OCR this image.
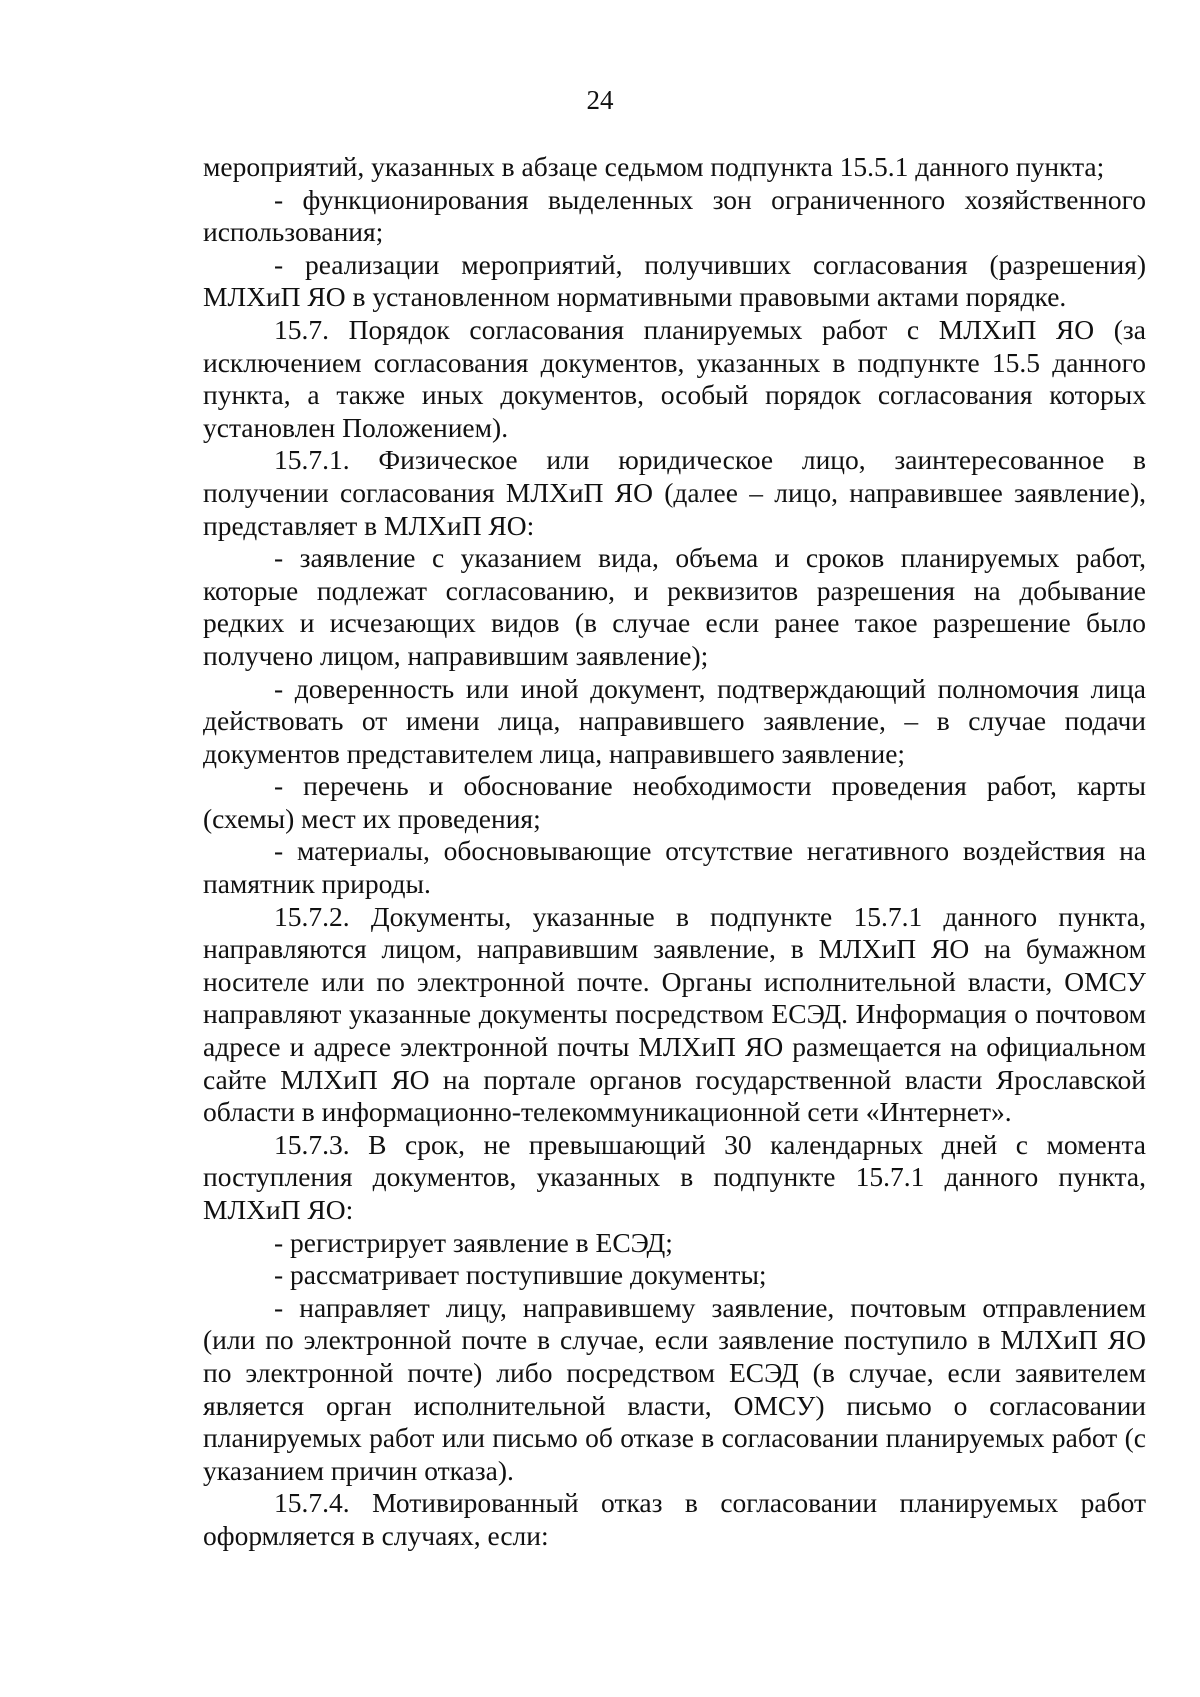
24

мероприятий, указанных в абзаце седьмом подпункта 15.5.1 данного пункта;

- функционирования выделенных зон ограниченного хозяйственного использования;

- реализации мероприятий, получивших согласования (разрешения) МЛХиП ЯО в установленном нормативными правовыми актами порядке.

15.7. Порядок согласования планируемых работ с МЛХиП ЯО (за исключением согласования документов, указанных в подпункте 15.5 данного пункта, а также иных документов, особый порядок согласования которых установлен Положением).

15.7.1. Физическое или юридическое лицо, заинтересованное в получении согласования МЛХиП ЯО (далее – лицо, направившее заявление), представляет в МЛХиП ЯО:

- заявление с указанием вида, объема и сроков планируемых работ, которые подлежат согласованию, и реквизитов разрешения на добывание редких и исчезающих видов (в случае если ранее такое разрешение было получено лицом, направившим заявление);

- доверенность или иной документ, подтверждающий полномочия лица действовать от имени лица, направившего заявление, – в случае подачи документов представителем лица, направившего заявление;

- перечень и обоснование необходимости проведения работ, карты (схемы) мест их проведения;

- материалы, обосновывающие отсутствие негативного воздействия на памятник природы.

15.7.2. Документы, указанные в подпункте 15.7.1 данного пункта, направляются лицом, направившим заявление, в МЛХиП ЯО на бумажном носителе или по электронной почте. Органы исполнительной власти, ОМСУ направляют указанные документы посредством ЕСЭД. Информация о почтовом адресе и адресе электронной почты МЛХиП ЯО размещается на официальном сайте МЛХиП ЯО на портале органов государственной власти Ярославской области в информационно-телекоммуникационной сети «Интернет».

15.7.3. В срок, не превышающий 30 календарных дней с момента поступления документов, указанных в подпункте 15.7.1 данного пункта, МЛХиП ЯО:

- регистрирует заявление в ЕСЭД;

- рассматривает поступившие документы;

- направляет лицу, направившему заявление, почтовым отправлением (или по электронной почте в случае, если заявление поступило в МЛХиП ЯО по электронной почте) либо посредством ЕСЭД (в случае, если заявителем является орган исполнительной власти, ОМСУ) письмо о согласовании планируемых работ или письмо об отказе в согласовании планируемых работ (с указанием причин отказа).

15.7.4. Мотивированный отказ в согласовании планируемых работ оформляется в случаях, если:
